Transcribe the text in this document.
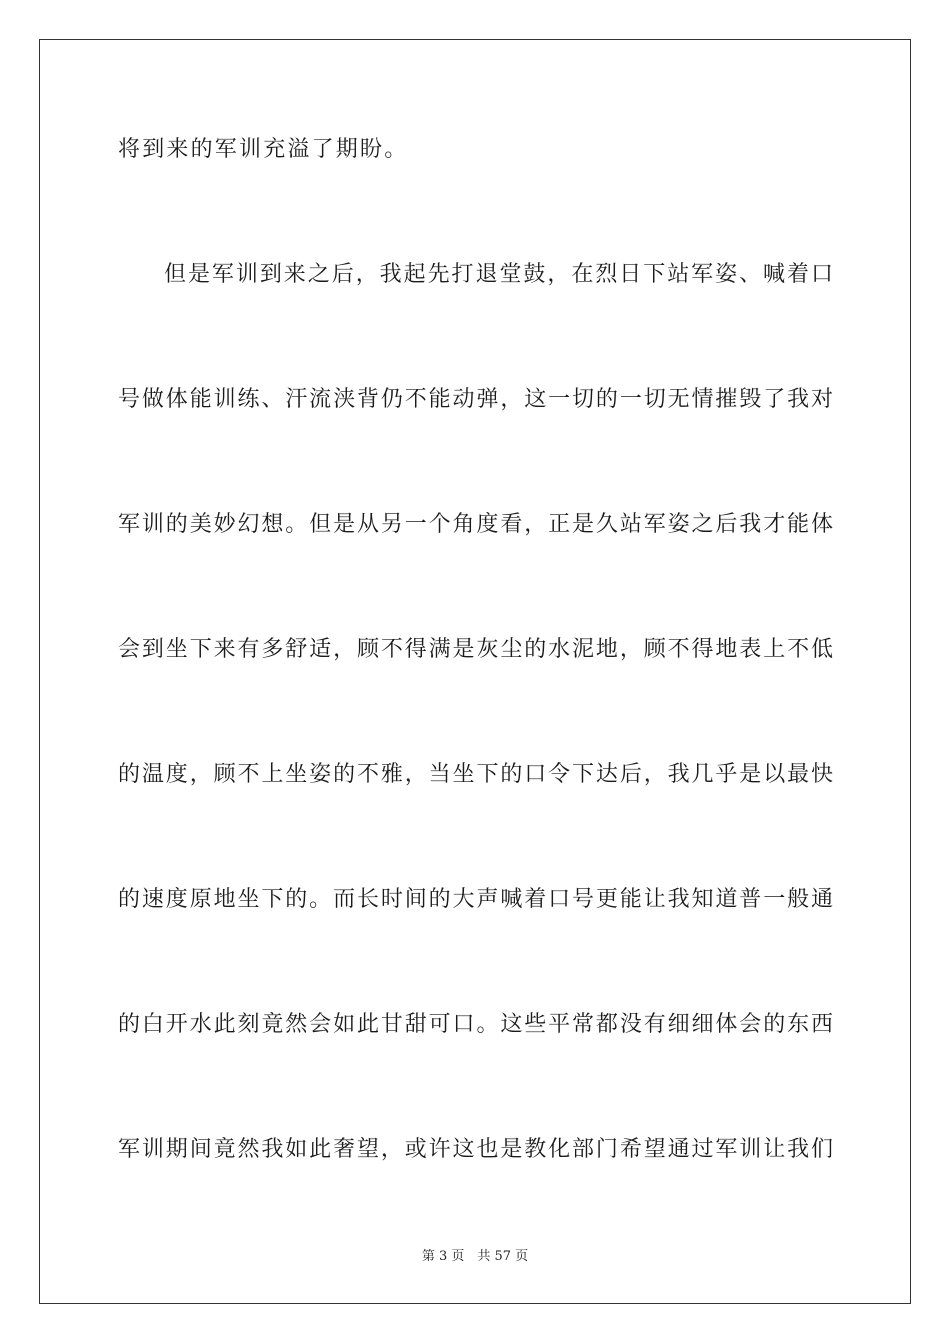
将到来的军训充溢了期盼。
但是军训到来之后，我起先打退堂鼓，在烈日下站军姿、喊着口
号做体能训练、汗流浃背仍不能动弹，这一切的一切无情摧毁了我对
军训的美妙幻想。但是从另一个角度看，正是久站军姿之后我才能体
会到坐下来有多舒适，顾不得满是灰尘的水泥地，顾不得地表上不低
的温度，顾不上坐姿的不雅，当坐下的口令下达后，我几乎是以最快
的速度原地坐下的。而长时间的大声喊着口号更能让我知道普一般通
的白开水此刻竟然会如此甘甜可口。这些平常都没有细细体会的东西
军训期间竟然我如此奢望，或许这也是教化部门希望通过军训让我们
第 3 页　共 57 页
